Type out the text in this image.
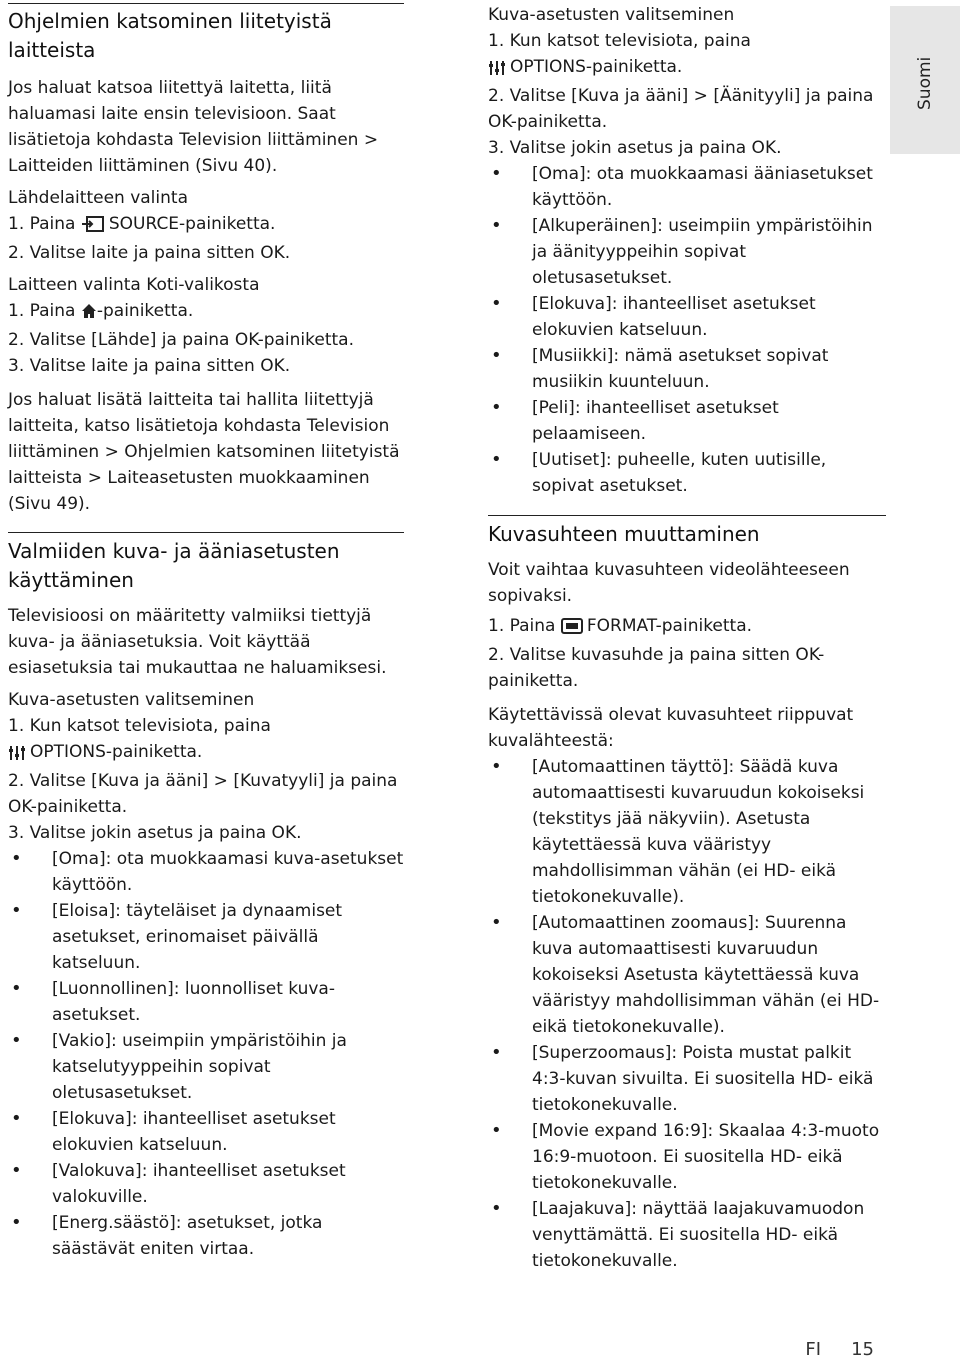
Suomi
Ohjelmien katsominen liitetyistä laitteista

Jos haluat katsoa liitettyä laitetta, liitä haluamasi laite ensin televisioon. Saat lisätietoja kohdasta Television liittäminen > Laitteiden liittäminen (Sivu 40).

Lähdelaitteen valinta

1. Paina SOURCE-painiketta.

2. Valitse laite ja paina sitten OK.

Laitteen valinta Koti-valikosta

1. Paina -painiketta.

2. Valitse [Lähde] ja paina OK-painiketta.

3. Valitse laite ja paina sitten OK.

Jos haluat lisätä laitteita tai hallita liitettyjä laitteita, katso lisätietoja kohdasta Television liittäminen > Ohjelmien katsominen liitetyistä laitteista > Laiteasetusten muokkaaminen (Sivu 49).

Valmiiden kuva- ja ääniasetusten käyttäminen

Televisioosi on määritetty valmiiksi tiettyjä kuva- ja ääniasetuksia. Voit käyttää esiasetuksia tai mukauttaa ne haluamiksesi.

Kuva-asetusten valitseminen

1. Kun katsot televisiota, paina

OPTIONS-painiketta.

2. Valitse [Kuva ja ääni] > [Kuvatyyli] ja paina OK-painiketta.

3. Valitse jokin asetus ja paina OK.

• [Oma]: ota muokkaamasi kuva-asetukset käyttöön.
• [Eloisa]: täyteläiset ja dynaamiset asetukset, erinomaiset päivällä katseluun.
• [Luonnollinen]: luonnolliset kuva-asetukset.
• [Vakio]: useimpiin ympäristöihin ja katselutyyppeihin sopivat oletusasetukset.
• [Elokuva]: ihanteelliset asetukset elokuvien katseluun.
• [Valokuva]: ihanteelliset asetukset valokuville.
• [Energ.säästö]: asetukset, jotka säästävät eniten virtaa.

Kuva-asetusten valitseminen

1. Kun katsot televisiota, paina

OPTIONS-painiketta.

2. Valitse [Kuva ja ääni] > [Äänityyli] ja paina OK-painiketta.

3. Valitse jokin asetus ja paina OK.

• [Oma]: ota muokkaamasi ääniasetukset käyttöön.
• [Alkuperäinen]: useimpiin ympäristöihin ja äänityyppeihin sopivat oletusasetukset.
• [Elokuva]: ihanteelliset asetukset elokuvien katseluun.
• [Musiikki]: nämä asetukset sopivat musiikin kuunteluun.
• [Peli]: ihanteelliset asetukset pelaamiseen.
• [Uutiset]: puheelle, kuten uutisille, sopivat asetukset.
Kuvasuhteen muuttaminen

Voit vaihtaa kuvasuhteen videolähteeseen sopivaksi.

1. Paina FORMAT-painiketta.

2. Valitse kuvasuhde ja paina sitten OK-painiketta.

Käytettävissä olevat kuvasuhteet riippuvat kuvalähteestä:

• [Automaattinen täyttö]: Säädä kuva automaattisesti kuvaruudun kokoiseksi (tekstitys jää näkyviin). Asetusta käytettäessä kuva vääristyy mahdollisimman vähän (ei HD- eikä tietokonekuvalle).
• [Automaattinen zoomaus]: Suurenna kuva automaattisesti kuvaruudun kokoiseksi Asetusta käytettäessä kuva vääristyy mahdollisimman vähän (ei HD- eikä tietokonekuvalle).
• [Superzoomaus]: Poista mustat palkit 4:3-kuvan sivuilta. Ei suositella HD- eikä tietokonekuvalle.
• [Movie expand 16:9]: Skaalaa 4:3-muoto 16:9-muotoon. Ei suositella HD- eikä tietokonekuvalle.
• [Laajakuva]: näyttää laajakuvamuodon venyttämättä. Ei suositella HD- eikä tietokonekuvalle.
FI 15
